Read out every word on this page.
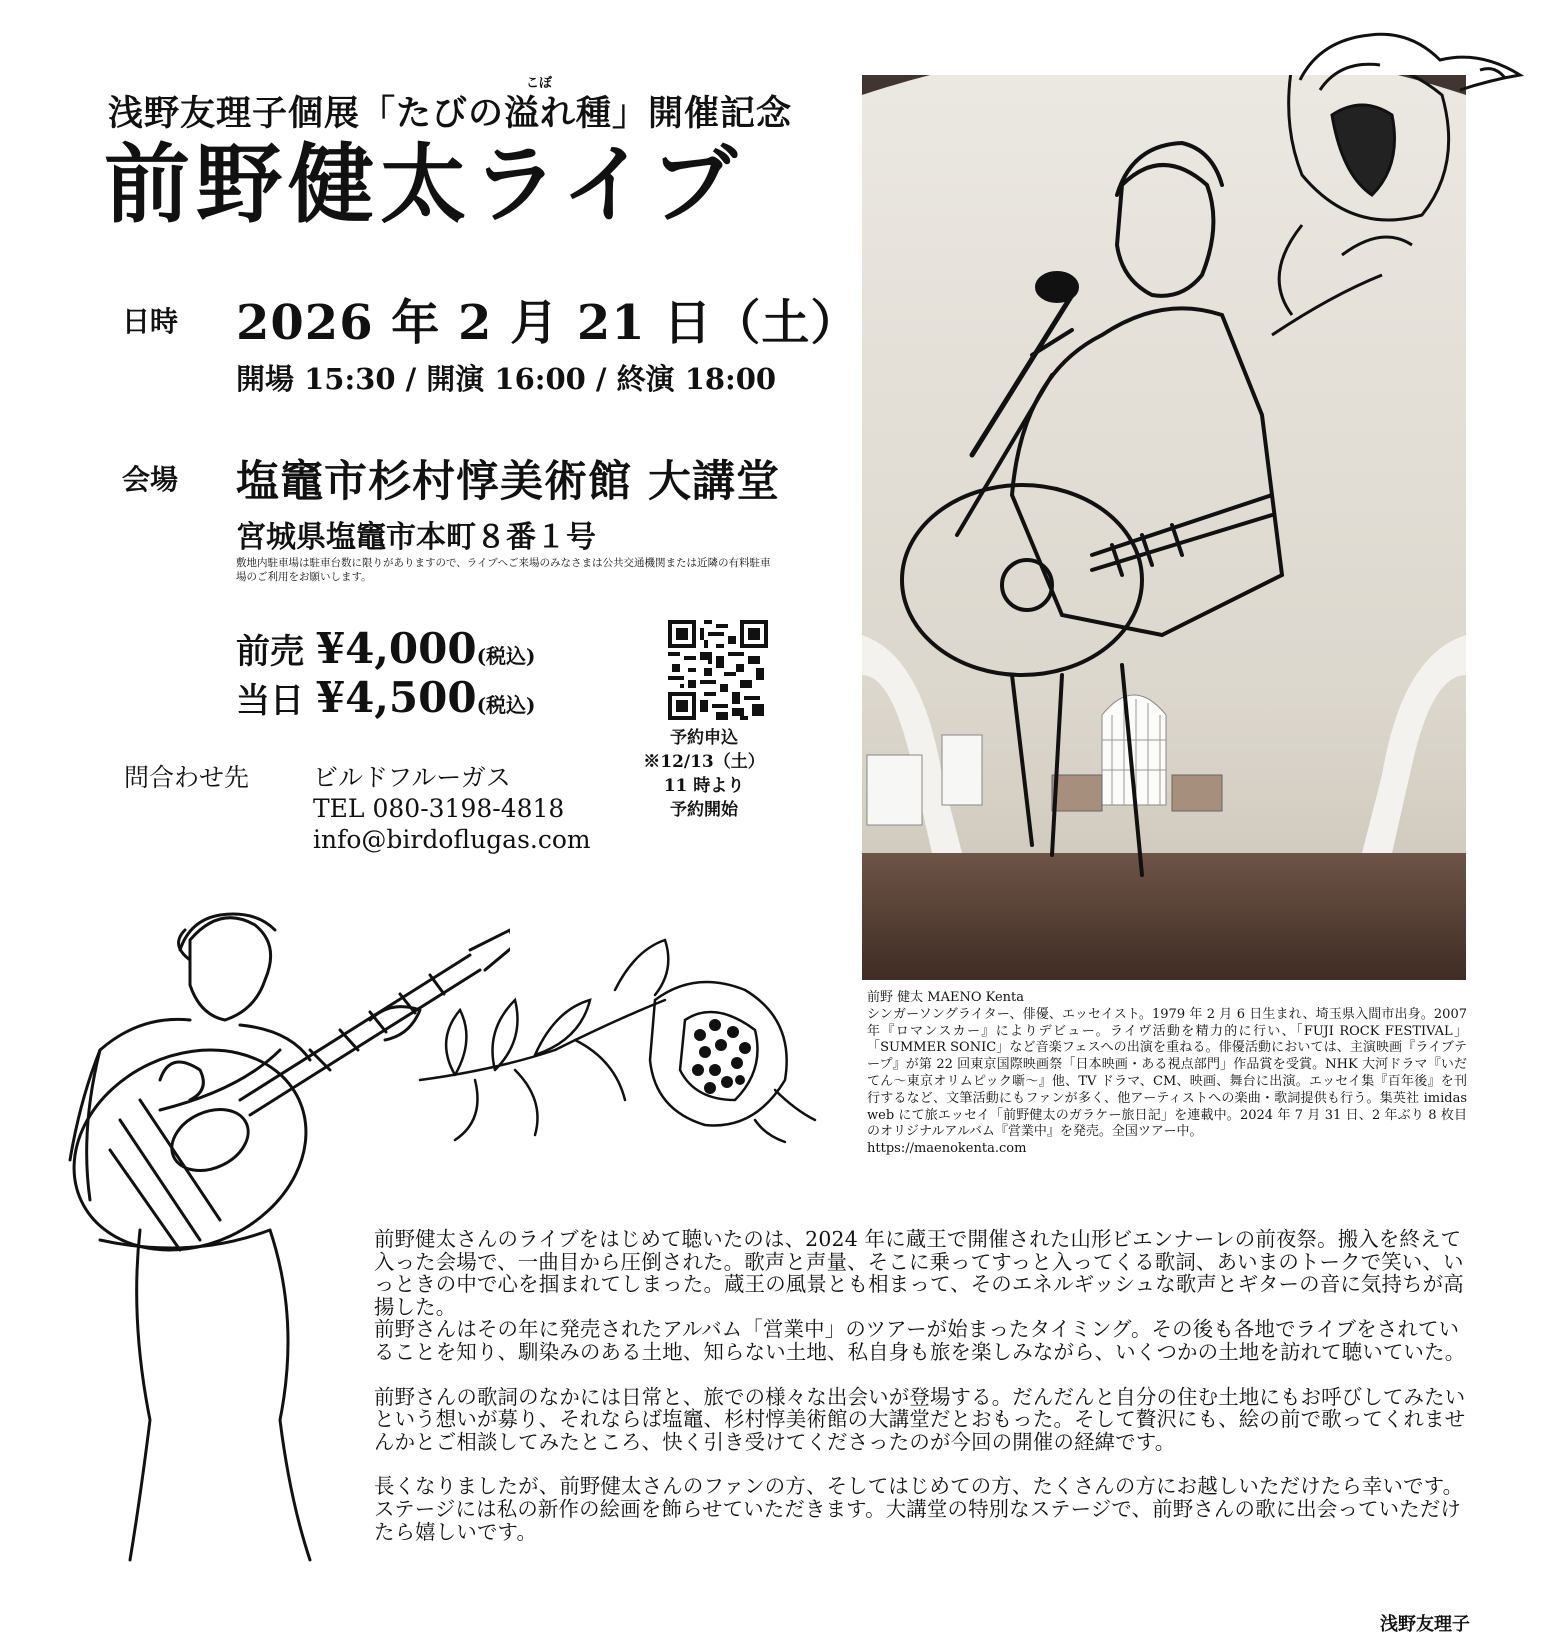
こぼ
浅野友理子個展「たびの溢れ種」開催記念
前野健太ライブ
日時 2026 年 2 月 21 日（土）
開場 15:30 / 開演 16:00 / 終演 18:00
会場 塩竈市杉村惇美術館 大講堂
宮城県塩竈市本町８番１号
敷地内駐車場は駐車台数に限りがありますので、ライブへご来場のみなさまは公共交通機関または近隣の有料駐車場のご利用をお願いします。
前売 ¥4,000(税込)
当日 ¥4,500(税込)
予約申込
※12/13（土）
11 時より
予約開始
問合わせ先	ビルドフルーガス
TEL 080-3198-4818
info@birdoflugas.com
前野 健太 MAENO Kenta
シンガーソングライター、俳優、エッセイスト。1979 年 2 月 6 日生まれ、埼玉県入間市出身。2007 年『ロマンスカー』によりデビュー。ライヴ活動を精力的に行い、「FUJI ROCK FESTIVAL」「SUMMER SONIC」など音楽フェスへの出演を重ねる。俳優活動においては、主演映画『ライブテープ』が第 22 回東京国際映画祭「日本映画・ある視点部門」作品賞を受賞。NHK 大河ドラマ『いだてん〜東京オリムピック噺〜』他、TV ドラマ、CM、映画、舞台に出演。エッセイ集『百年後』を刊行するなど、文筆活動にもファンが多く、他アーティストへの楽曲・歌詞提供も行う。集英社 imidas web にて旅エッセイ「前野健太のガラケー旅日記」を連載中。2024 年 7 月 31 日、2 年ぶり 8 枚目のオリジナルアルバム『営業中』を発売。全国ツアー中。
https://maenokenta.com

前野健太さんのライブをはじめて聴いたのは、2024 年に蔵王で開催された山形ビエンナーレの前夜祭。搬入を終えて入った会場で、一曲目から圧倒された。歌声と声量、そこに乗ってすっと入ってくる歌詞、あいまのトークで笑い、いっときの中で心を掴まれてしまった。蔵王の風景とも相まって、そのエネルギッシュな歌声とギターの音に気持ちが高揚した。

前野さんはその年に発売されたアルバム「営業中」のツアーが始まったタイミング。その後も各地でライブをされていることを知り、馴染みのある土地、知らない土地、私自身も旅を楽しみながら、いくつかの土地を訪れて聴いていた。

前野さんの歌詞のなかには日常と、旅での様々な出会いが登場する。だんだんと自分の住む土地にもお呼びしてみたいという想いが募り、それならば塩竈、杉村惇美術館の大講堂だとおもった。そして贅沢にも、絵の前で歌ってくれませんかとご相談してみたところ、快く引き受けてくださったのが今回の開催の経緯です。

長くなりましたが、前野健太さんのファンの方、そしてはじめての方、たくさんの方にお越しいただけたら幸いです。ステージには私の新作の絵画を飾らせていただきます。大講堂の特別なステージで、前野さんの歌に出会っていただけたら嬉しいです。

浅野友理子
